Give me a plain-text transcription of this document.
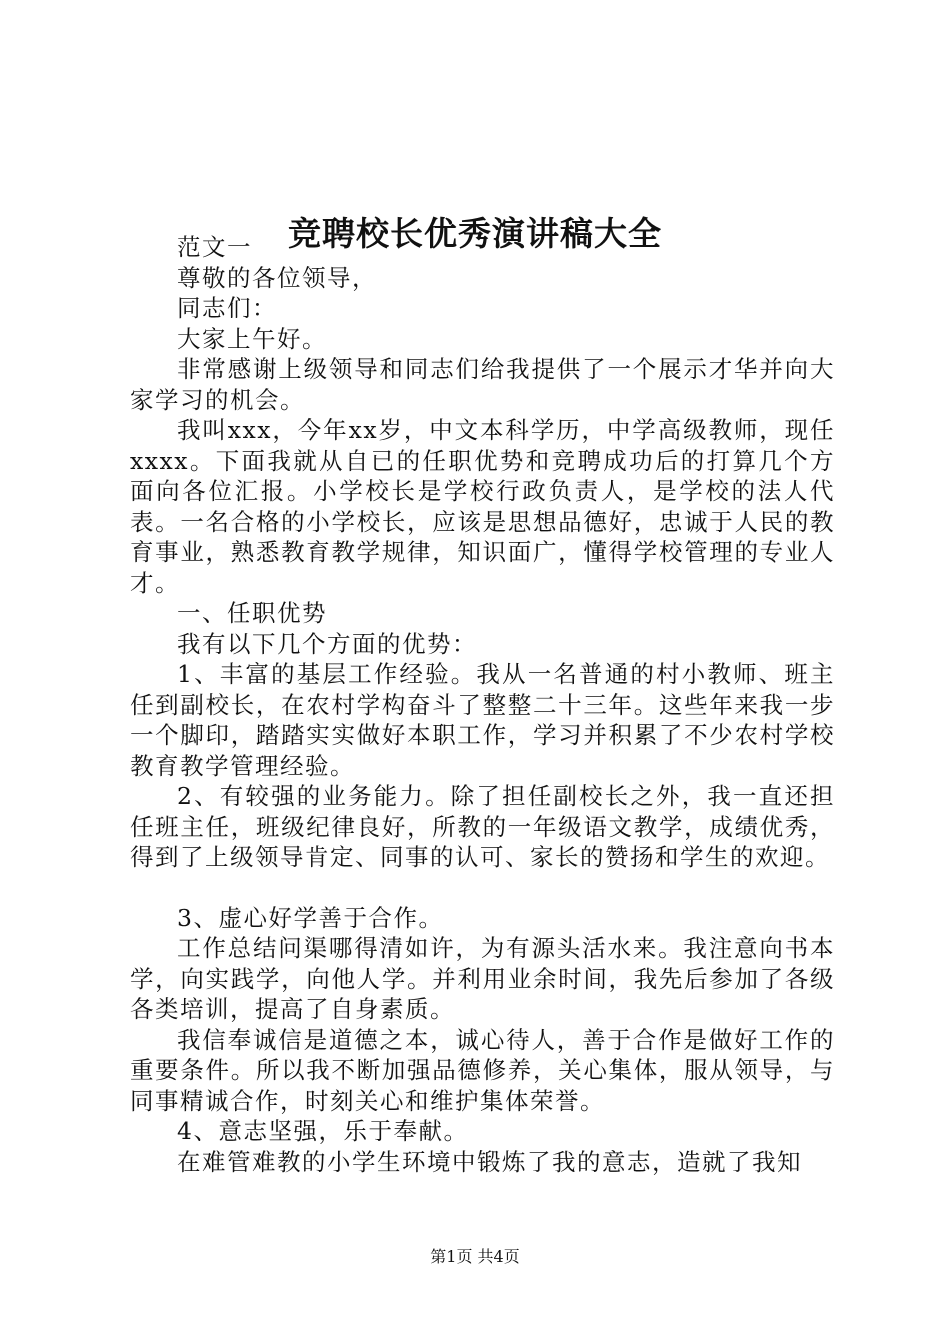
竞聘校长优秀演讲稿大全

范文一

尊敬的各位领导，

同志们：

大家上午好。

非常感谢上级领导和同志们给我提供了一个展示才华并向大家学习的机会。

我叫xxx，今年xx岁，中文本科学历，中学高级教师，现任xxxx。下面我就从自已的任职优势和竞聘成功后的打算几个方面向各位汇报。小学校长是学校行政负责人，是学校的法人代表。一名合格的小学校长，应该是思想品德好，忠诚于人民的教育事业，熟悉教育教学规律，知识面广，懂得学校管理的专业人才。

一、任职优势

我有以下几个方面的优势：

1、丰富的基层工作经验。我从一名普通的村小教师、班主任到副校长，在农村学构奋斗了整整二十三年。这些年来我一步一个脚印，踏踏实实做好本职工作，学习并积累了不少农村学校教育教学管理经验。

2、有较强的业务能力。除了担任副校长之外，我一直还担任班主任，班级纪律良好，所教的一年级语文教学，成绩优秀，得到了上级领导肯定、同事的认可、家长的赞扬和学生的欢迎。

3、虚心好学善于合作。

工作总结问渠哪得清如许，为有源头活水来。我注意向书本学，向实践学，向他人学。并利用业余时间，我先后参加了各级各类培训，提高了自身素质。

我信奉诚信是道德之本，诚心待人，善于合作是做好工作的重要条件。所以我不断加强品德修养，关心集体，服从领导，与同事精诚合作，时刻关心和维护集体荣誉。

4、意志坚强，乐于奉献。

在难管难教的小学生环境中锻炼了我的意志，造就了我知

第1页 共4页
